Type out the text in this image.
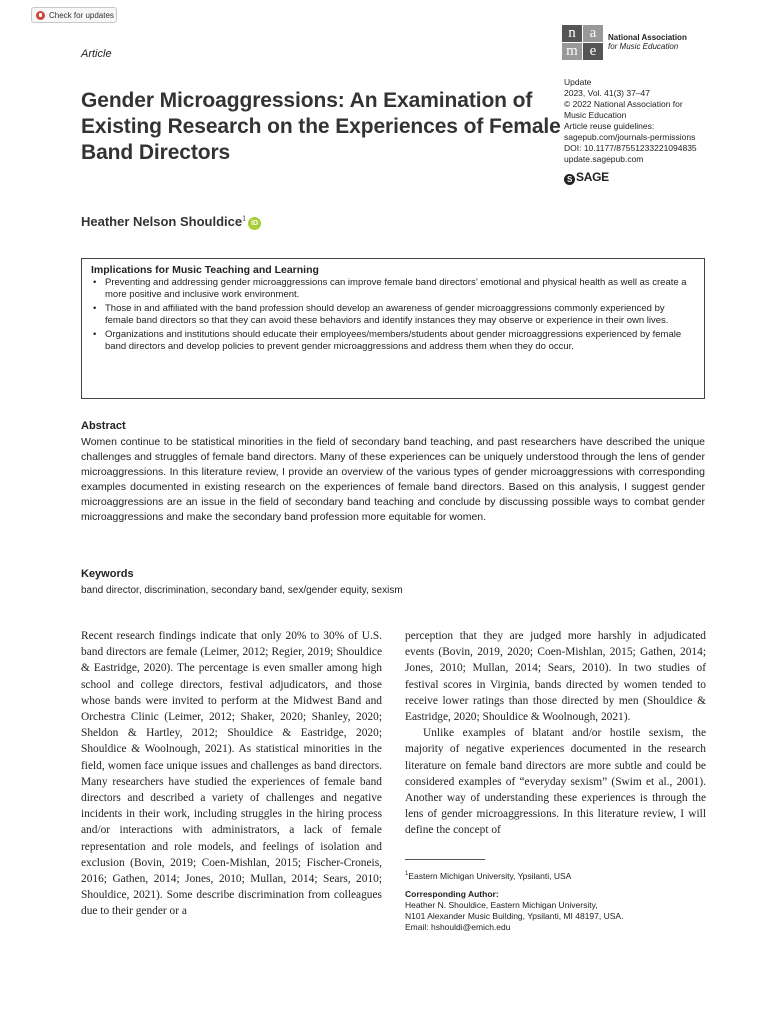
Check for updates
Article
Gender Microaggressions: An Examination of Existing Research on the Experiences of Female Band Directors
n a
m e
National Association
for Music Education
Update
2023, Vol. 41(3) 37–47
© 2022 National Association for
Music Education
Article reuse guidelines:
sagepub.com/journals-permissions
DOI: 10.1177/87551233221094835
update.sagepub.com
S SAGE
Heather Nelson Shouldice$^1$iD
Implications for Music Teaching and Learning
• Preventing and addressing gender microaggressions can improve female band directors’ emotional and physical health as well as create a more positive and inclusive work environment.
• Those in and affiliated with the band profession should develop an awareness of gender microaggressions commonly experienced by female band directors so that they can avoid these behaviors and identify instances they may observe or experience in their own lives.
• Organizations and institutions should educate their employees/members/students about gender microaggressions experienced by female band directors and develop policies to prevent gender microaggressions and address them when they do occur.
Abstract
Women continue to be statistical minorities in the field of secondary band teaching, and past researchers have described the unique challenges and struggles of female band directors. Many of these experiences can be uniquely understood through the lens of gender microaggressions. In this literature review, I provide an overview of the various types of gender microaggressions with corresponding examples documented in existing research on the experiences of female band directors. Based on this analysis, I suggest gender microaggressions are an issue in the field of secondary band teaching and conclude by discussing possible ways to combat gender microaggressions and make the secondary band profession more equitable for women.
Keywords
band director, discrimination, secondary band, sex/gender equity, sexism
Recent research findings indicate that only 20% to 30% of U.S. band directors are female (Leimer, 2012; Regier, 2019; Shouldice & Eastridge, 2020). The percentage is even smaller among high school and college directors, festival adjudicators, and those whose bands were invited to perform at the Midwest Band and Orchestra Clinic (Leimer, 2012; Shaker, 2020; Shanley, 2020; Sheldon & Hartley, 2012; Shouldice & Eastridge, 2020; Shouldice & Woolnough, 2021). As statistical minorities in the field, women face unique issues and challenges as band directors. Many researchers have studied the experiences of female band directors and described a variety of challenges and negative incidents in their work, including struggles in the hiring process and/or interactions with administrators, a lack of female representation and role models, and feelings of isolation and exclusion (Bovin, 2019; Coen-Mishlan, 2015; Fischer-Croneis, 2016; Gathen, 2014; Jones, 2010; Mullan, 2014; Sears, 2010; Shouldice, 2021). Some describe discrimination from colleagues due to their gender or a

perception that they are judged more harshly in adjudicated events (Bovin, 2019, 2020; Coen-Mishlan, 2015; Gathen, 2014; Jones, 2010; Mullan, 2014; Sears, 2010). In two studies of festival scores in Virginia, bands directed by women tended to receive lower ratings than those directed by men (Shouldice & Eastridge, 2020; Shouldice & Woolnough, 2021).

Unlike examples of blatant and/or hostile sexism, the majority of negative experiences documented in the research literature on female band directors are more subtle and could be considered examples of “everyday sexism” (Swim et al., 2001). Another way of understanding these experiences is through the lens of gender microaggressions. In this literature review, I will define the concept of

$^1$Eastern Michigan University, Ypsilanti, USA
Corresponding Author:
Heather N. Shouldice, Eastern Michigan University,
N101 Alexander Music Building, Ypsilanti, MI 48197, USA.
Email: hshouldi@emich.edu
